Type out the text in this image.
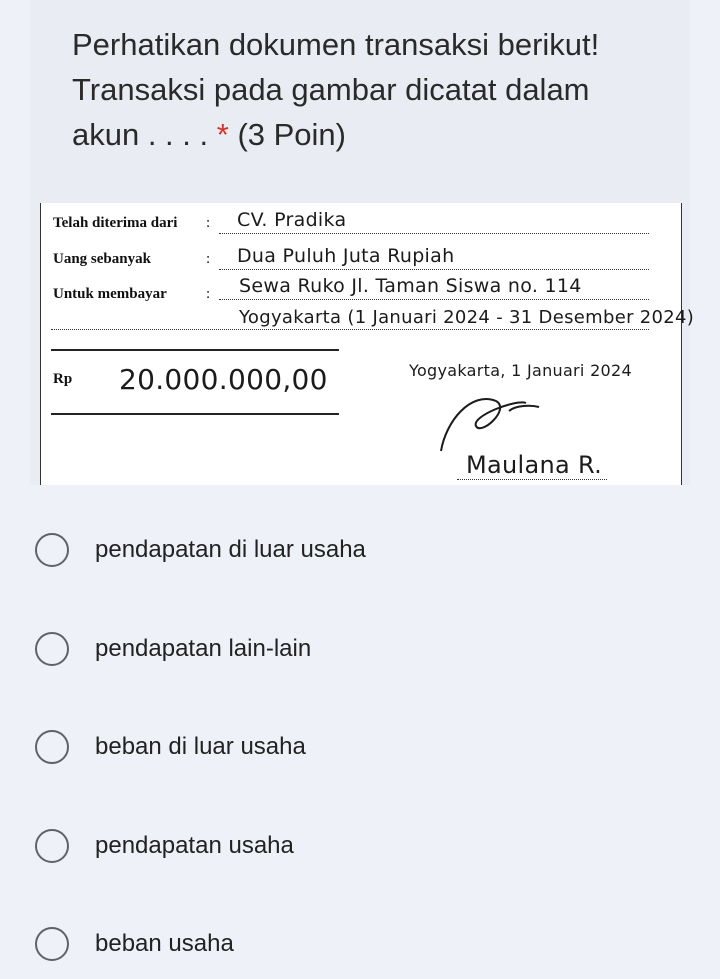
Perhatikan dokumen transaksi berikut!
Transaksi pada gambar dicatat dalam
akun . . . . * (3 Poin)
Telah diterima dari : CV. Pradika
Uang sebanyak	: Dua Puluh Juta Rupiah
Untuk membayar	: Sewa Ruko Jl. Taman Siswa no. 114
Yogyakarta (1 Januari 2024 - 31 Desember 2024)
Rp 20.000.000,00	Yogyakarta, 1 Januari 2024
Maulana R.
pendapatan di luar usaha
pendapatan lain-lain
beban di luar usaha
pendapatan usaha
beban usaha
